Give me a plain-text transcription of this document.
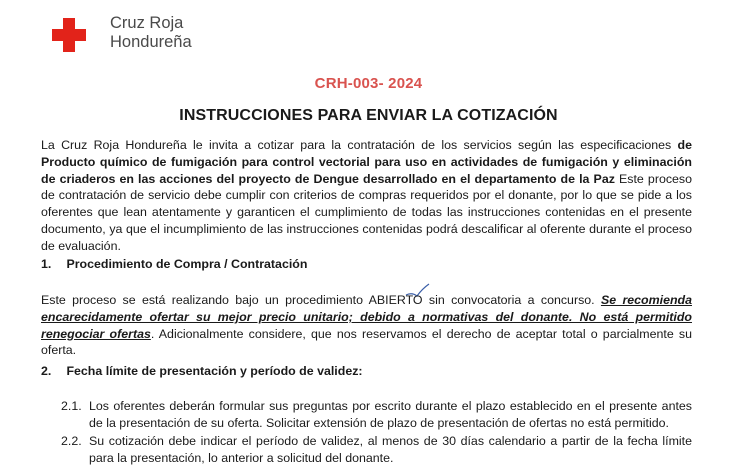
Cruz Roja
Hondureña
CRH-003- 2024
INSTRUCCIONES PARA ENVIAR LA COTIZACIÓN
La Cruz Roja Hondureña le invita a cotizar para la contratación de los servicios según las especificaciones de Producto químico de fumigación para control vectorial para uso en actividades de fumigación y eliminación de criaderos en las acciones del proyecto de Dengue desarrollado en el departamento de la Paz Este proceso de contratación de servicio debe cumplir con criterios de compras requeridos por el donante, por lo que se pide a los oferentes que lean atentamente y garanticen el cumplimiento de todas las instrucciones contenidas en el presente documento, ya que el incumplimiento de las instrucciones contenidas podrá descalificar al oferente durante el proceso de evaluación.
1. Procedimiento de Compra / Contratación
Este proceso se está realizando bajo un procedimiento ABIERTO sin convocatoria a concurso. Se recomienda encarecidamente ofertar su mejor precio unitario; debido a normativas del donante. No está permitido renegociar ofertas. Adicionalmente considere, que nos reservamos el derecho de aceptar total o parcialmente su oferta.
2. Fecha límite de presentación y período de validez:
2.1. Los oferentes deberán formular sus preguntas por escrito durante el plazo establecido en el presente antes de la presentación de su oferta. Solicitar extensión de plazo de presentación de ofertas no está permitido.
2.2. Su cotización debe indicar el período de validez, al menos de 30 días calendario a partir de la fecha límite para la presentación, lo anterior a solicitud del donante.
